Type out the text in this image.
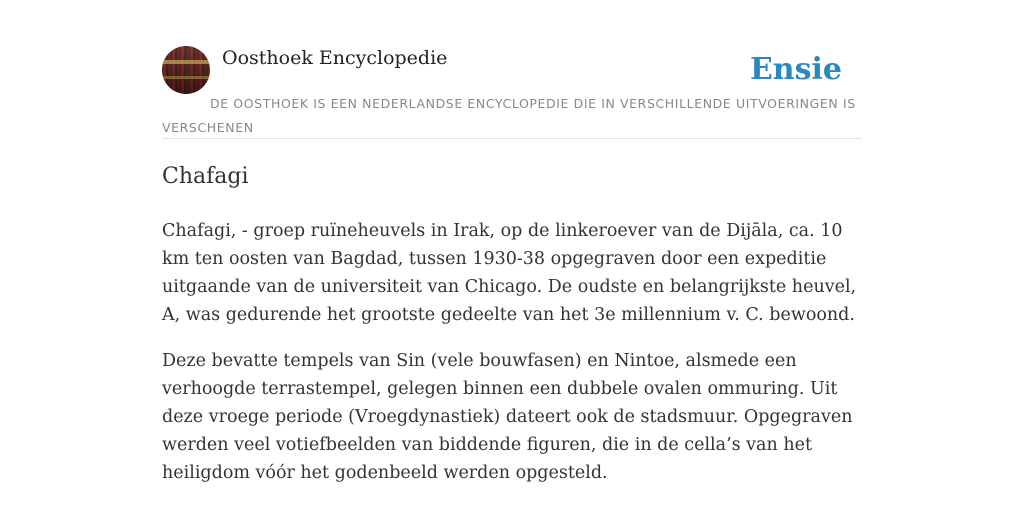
Oosthoek Encyclopedie	Ensie
DE OOSTHOEK IS EEN NEDERLANDSE ENCYCLOPEDIE DIE IN VERSCHILLENDE UITVOERINGEN IS VERSCHENEN
Chafagi

Chafagi, - groep ruïneheuvels in Irak, op de linkeroever van de Dijāla, ca. 10 km ten oosten van Bagdad, tussen 1930-38 opgegraven door een expeditie uitgaande van de universiteit van Chicago. De oudste en belangrijkste heuvel, A, was gedurende het grootste gedeelte van het 3e millennium v. C. bewoond.

Deze bevatte tempels van Sin (vele bouwfasen) en Nintoe, alsmede een verhoogde terrastempel, gelegen binnen een dubbele ovalen ommuring. Uit deze vroege periode (Vroegdynastiek) dateert ook de stadsmuur. Opgegraven werden veel votiefbeelden van biddende figuren, die in de cella’s van het heiligdom vóór het godenbeeld werden opgesteld.
